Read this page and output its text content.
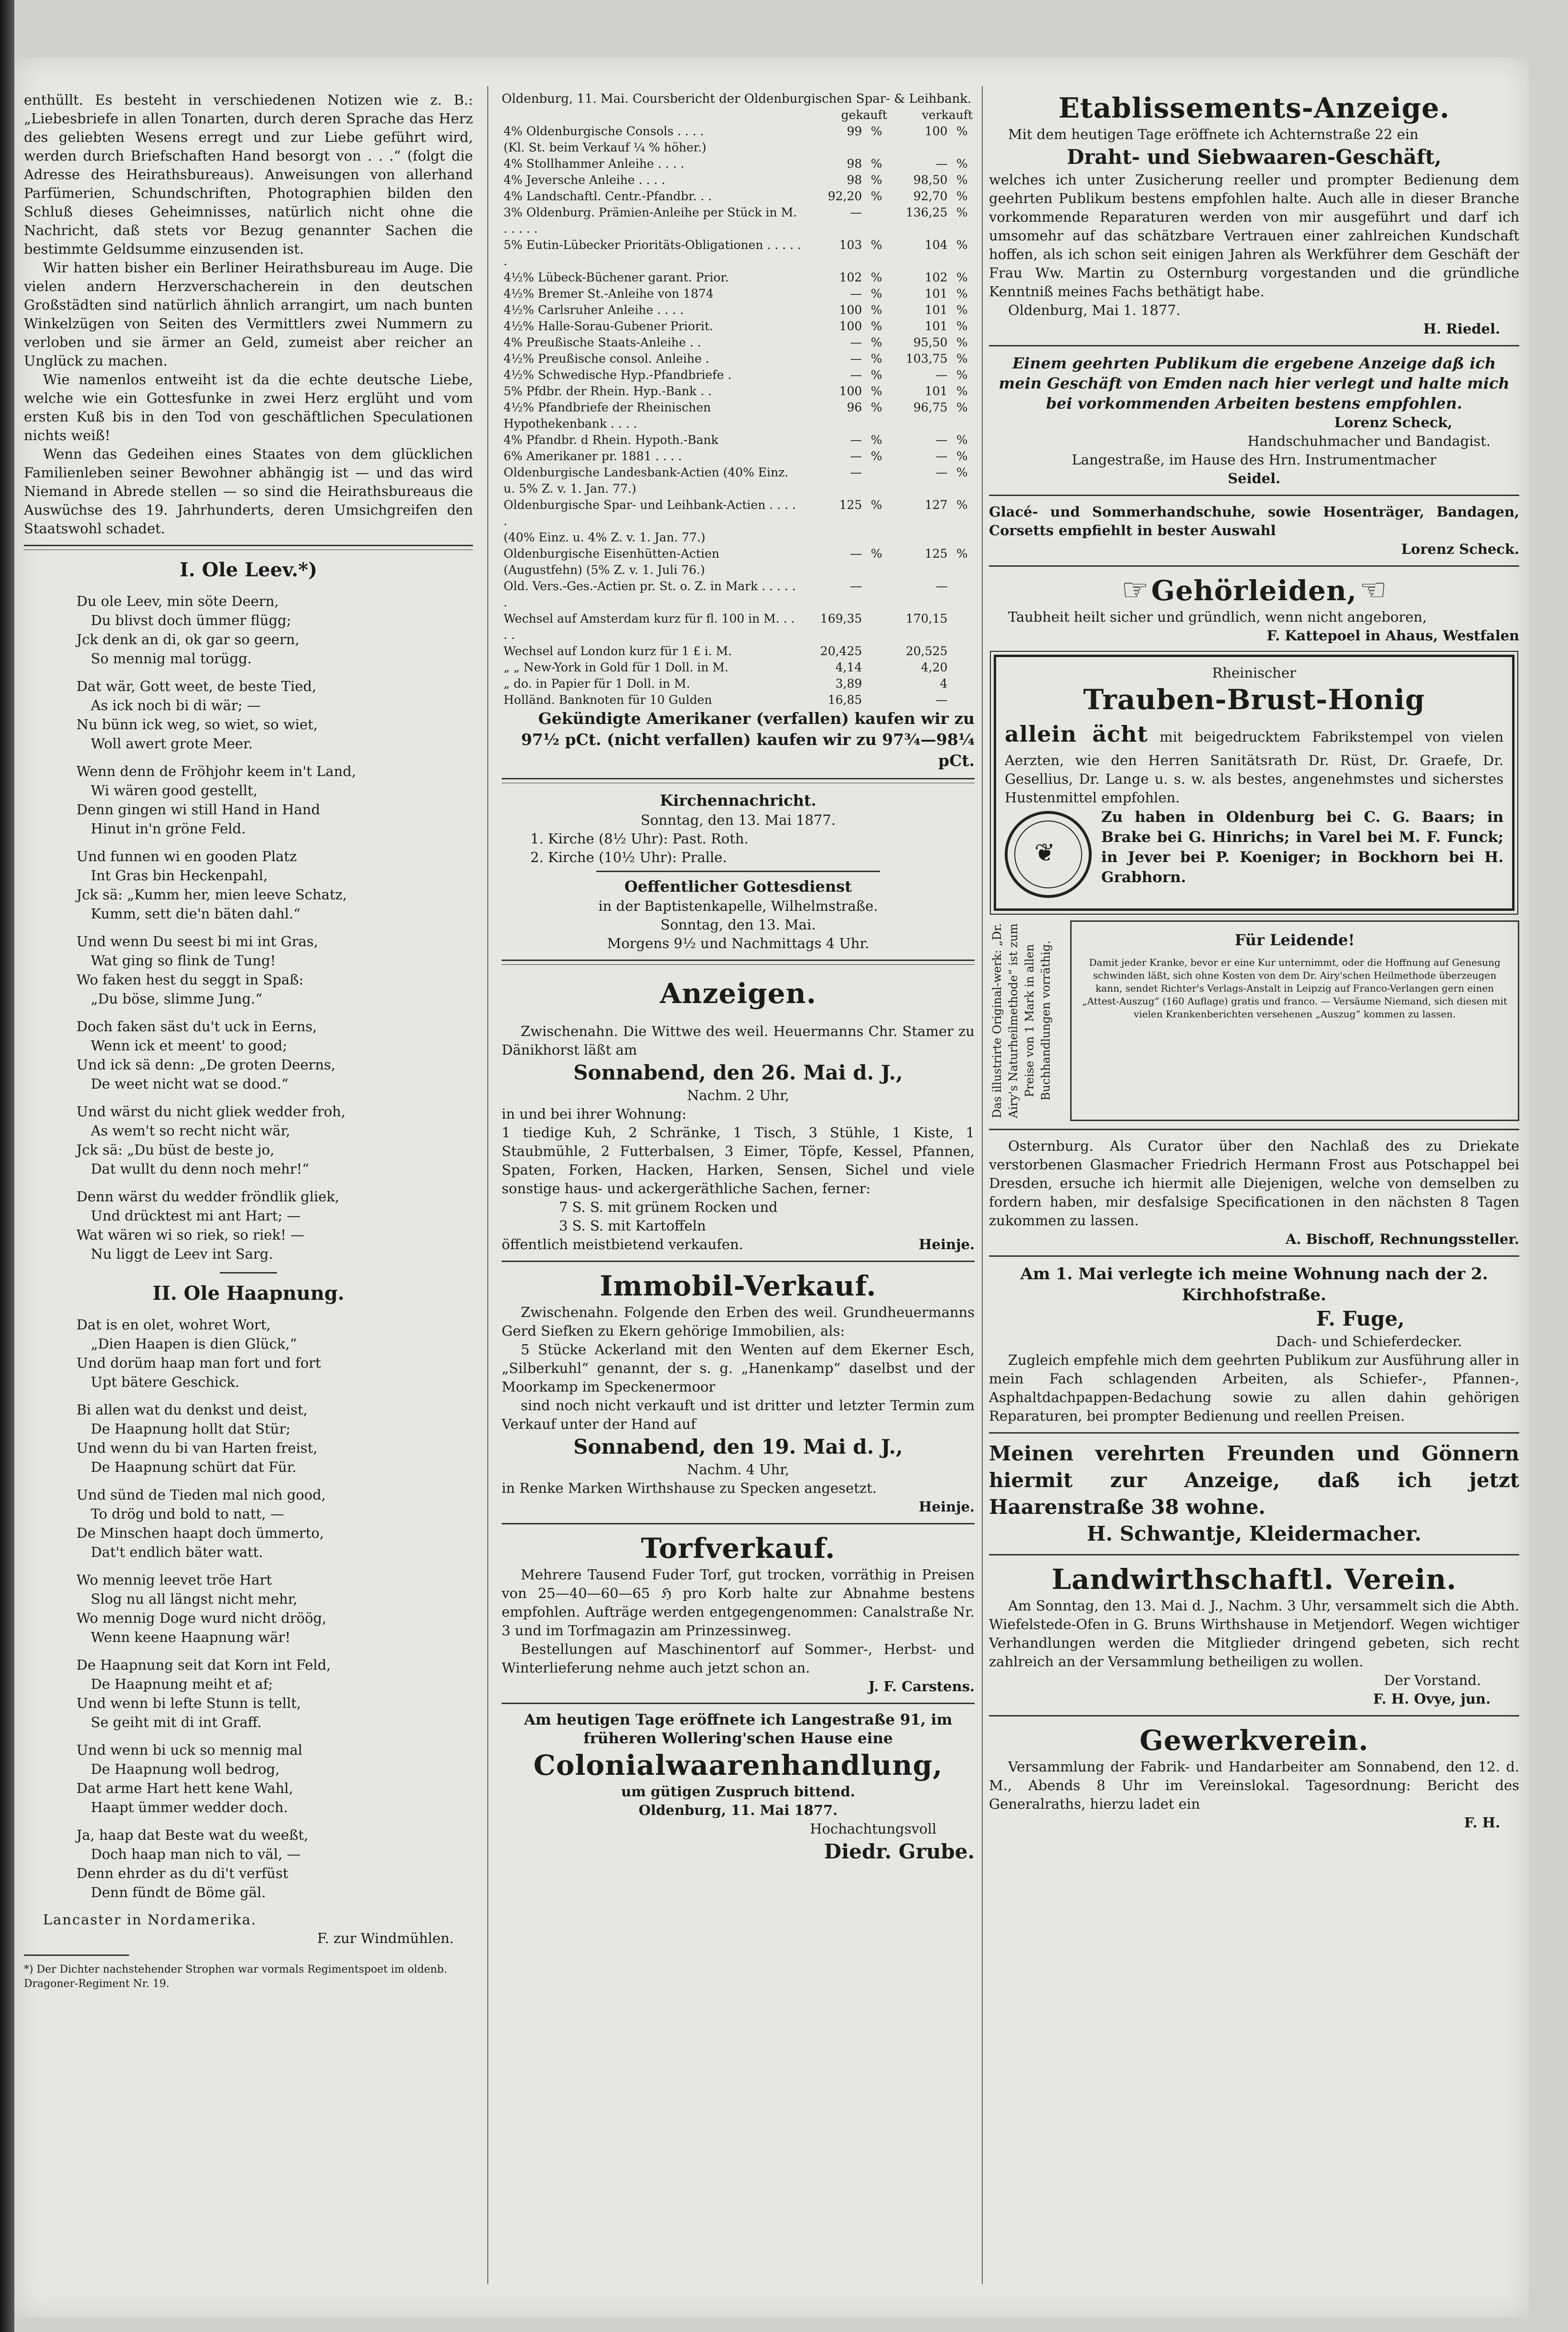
enthüllt. Es besteht in verschiedenen Notizen wie z. B.: „Liebesbriefe in allen Tonarten, durch deren Sprache das Herz des geliebten Wesens erregt und zur Liebe geführt wird, werden durch Briefschaften Hand besorgt von . . .“ (folgt die Adresse des Heirathsbureaus). Anweisungen von allerhand Parfümerien, Schundschriften, Photographien bilden den Schluß dieses Geheimnisses, natürlich nicht ohne die Nachricht, daß stets vor Bezug genannter Sachen die bestimmte Geldsumme einzusenden ist.

Wir hatten bisher ein Berliner Heirathsbureau im Auge. Die vielen andern Herzverschacherein in den deutschen Großstädten sind natürlich ähnlich arrangirt, um nach bunten Winkelzügen von Seiten des Vermittlers zwei Nummern zu verloben und sie ärmer an Geld, zumeist aber reicher an Unglück zu machen.

Wie namenlos entweiht ist da die echte deutsche Liebe, welche wie ein Gottesfunke in zwei Herz erglüht und vom ersten Kuß bis in den Tod von geschäftlichen Speculationen nichts weiß!

Wenn das Gedeihen eines Staates von dem glücklichen Familienleben seiner Bewohner abhängig ist — und das wird Niemand in Abrede stellen — so sind die Heirathsbureaus die Auswüchse des 19. Jahrhunderts, deren Umsichgreifen den Staatswohl schadet.

I. Ole Leev.*)

Du ole Leev, min söte Deern,

Du blivst doch ümmer flügg;

Jck denk an di, ok gar so geern,

So mennig mal torügg.

Dat wär, Gott weet, de beste Tied,

As ick noch bi di wär; —

Nu bünn ick weg, so wiet, so wiet,

Woll awert grote Meer.

Wenn denn de Fröhjohr keem in't Land,

Wi wären good gestellt,

Denn gingen wi still Hand in Hand

Hinut in'n gröne Feld.

Und funnen wi en gooden Platz

Int Gras bin Heckenpahl,

Jck sä: „Kumm her, mien leeve Schatz,

Kumm, sett die'n bäten dahl.“

Und wenn Du seest bi mi int Gras,

Wat ging so flink de Tung!

Wo faken hest du seggt in Spaß:

„Du böse, slimme Jung.“

Doch faken säst du't uck in Eerns,

Wenn ick et meent' to good;

Und ick sä denn: „De groten Deerns,

De weet nicht wat se dood.“

Und wärst du nicht gliek wedder froh,

As wem't so recht nicht wär,

Jck sä: „Du büst de beste jo,

Dat wullt du denn noch mehr!“

Denn wärst du wedder fröndlik gliek,

Und drücktest mi ant Hart; —

Wat wären wi so riek, so riek! —

Nu liggt de Leev int Sarg.

II. Ole Haapnung.

Dat is en olet, wohret Wort,

„Dien Haapen is dien Glück,“

Und dorüm haap man fort und fort

Upt bätere Geschick.

Bi allen wat du denkst und deist,

De Haapnung hollt dat Stür;

Und wenn du bi van Harten freist,

De Haapnung schürt dat Für.

Und sünd de Tieden mal nich good,

To drög und bold to natt, —

De Minschen haapt doch ümmerto,

Dat't endlich bäter watt.

Wo mennig leevet tröe Hart

Slog nu all längst nicht mehr,

Wo mennig Doge wurd nicht dröög,

Wenn keene Haapnung wär!

De Haapnung seit dat Korn int Feld,

De Haapnung meiht et af;

Und wenn bi lefte Stunn is tellt,

Se geiht mit di int Graff.

Und wenn bi uck so mennig mal

De Haapnung woll bedrog,

Dat arme Hart hett kene Wahl,

Haapt ümmer wedder doch.

Ja, haap dat Beste wat du weeßt,

Doch haap man nich to väl, —

Denn ehrder as du di't verfüst

Denn fündt de Böme gäl.

Lancaster in Nordamerika.

F. zur Windmühlen.

*) Der Dichter nachstehender Strophen war vormals Regimentspoet im oldenb. Dragoner-Regiment Nr. 19.

Oldenburg, 11. Mai. Coursbericht der Oldenburgischen Spar- & Leihbank.

	gekauft		verkauft	
4% Oldenburgische Consols . . . .	99	%	100	%
(Kl. St. beim Verkauf ¼ % höher.)				
4% Stollhammer Anleihe . . . .	98	%	—	%
4% Jeversche Anleihe . . . .	98	%	98,50	%
4% Landschaftl. Centr.-Pfandbr. . .	92,20	%	92,70	%
3% Oldenburg. Prämien-Anleihe per Stück in M. . . . . .	—		136,25	%
5% Eutin-Lübecker Prioritäts-Obligationen . . . . . .	103	%	104	%
4½% Lübeck-Büchener garant. Prior.	102	%	102	%
4½% Bremer St.-Anleihe von 1874	—	%	101	%
4½% Carlsruher Anleihe . . . .	100	%	101	%
4½% Halle-Sorau-Gubener Priorit.	100	%	101	%
4% Preußische Staats-Anleihe . .	—	%	95,50	%
4½% Preußische consol. Anleihe .	—	%	103,75	%
4½% Schwedische Hyp.-Pfandbriefe .	—	%	—	%
5% Pfdbr. der Rhein. Hyp.-Bank . .	100	%	101	%
4½% Pfandbriefe der Rheinischen Hypothekenbank . . . .	96	%	96,75	%
4% Pfandbr. d Rhein. Hypoth.-Bank	—	%	—	%
6% Amerikaner pr. 1881 . . . .	—	%	—	%
Oldenburgische Landesbank-Actien (40% Einz. u. 5% Z. v. 1. Jan. 77.)	—		—	%
Oldenburgische Spar- und Leihbank-Actien . . . . .	125	%	127	%
(40% Einz. u. 4% Z. v. 1. Jan. 77.)				
Oldenburgische Eisenhütten-Actien (Augustfehn) (5% Z. v. 1. Juli 76.)	—	%	125	%
Old. Vers.-Ges.-Actien pr. St. o. Z. in Mark . . . . . .	—		—	
Wechsel auf Amsterdam kurz für fl. 100 in M. . . . .	169,35		170,15	
Wechsel auf London kurz für 1 £ i. M.	20,425		20,525	
„ „ New-York in Gold für 1 Doll. in M.	4,14		4,20	
„ do. in Papier für 1 Doll. in M.	3,89		4	
Holländ. Banknoten für 10 Gulden	16,85		—	

Gekündigte Amerikaner (verfallen) kaufen wir zu 97½ pCt. (nicht verfallen) kaufen wir zu 97¾—98¼ pCt.

Kirchennachricht.

Sonntag, den 13. Mai 1877.

1. Kirche (8½ Uhr): Past. Roth.

2. Kirche (10½ Uhr): Pralle.

Oeffentlicher Gottesdienst

in der Baptistenkapelle, Wilhelmstraße.

Sonntag, den 13. Mai.

Morgens 9½ und Nachmittags 4 Uhr.

Anzeigen.

Zwischenahn. Die Wittwe des weil. Heuermanns Chr. Stamer zu Dänikhorst läßt am

Sonnabend, den 26. Mai d. J.,

Nachm. 2 Uhr,

in und bei ihrer Wohnung:

1 tiedige Kuh, 2 Schränke, 1 Tisch, 3 Stühle, 1 Kiste, 1 Staubmühle, 2 Futterbalsen, 3 Eimer, Töpfe, Kessel, Pfannen, Spaten, Forken, Hacken, Harken, Sensen, Sichel und viele sonstige haus- und ackergeräthliche Sachen, ferner:

7 S. S. mit grünem Rocken und

3 S. S. mit Kartoffeln

öffentlich meistbietend verkaufen.	Heinje.

Immobil-Verkauf.

Zwischenahn. Folgende den Erben des weil. Grundheuermanns Gerd Siefken zu Ekern gehörige Immobilien, als:

5 Stücke Ackerland mit den Wenten auf dem Ekerner Esch, „Silberkuhl“ genannt, der s. g. „Hanenkamp“ daselbst und der Moorkamp im Speckenermoor

sind noch nicht verkauft und ist dritter und letzter Termin zum Verkauf unter der Hand auf

Sonnabend, den 19. Mai d. J.,

Nachm. 4 Uhr,

in Renke Marken Wirthshause zu Specken angesetzt.

Heinje.

Torfverkauf.

Mehrere Tausend Fuder Torf, gut trocken, vorräthig in Preisen von 25—40—60—65 ℌ pro Korb halte zur Abnahme bestens empfohlen. Aufträge werden entgegengenommen: Canalstraße Nr. 3 und im Torfmagazin am Prinzessinweg.

Bestellungen auf Maschinentorf auf Sommer-, Herbst- und Winterlieferung nehme auch jetzt schon an.

J. F. Carstens.

Am heutigen Tage eröffnete ich Langestraße 91, im früheren Wollering'schen Hause eine

Colonialwaarenhandlung,

um gütigen Zuspruch bittend.

Oldenburg, 11. Mai 1877.

Hochachtungsvoll

Diedr. Grube.

Etablissements-Anzeige.

Mit dem heutigen Tage eröffnete ich Achternstraße 22 ein

Draht- und Siebwaaren-Geschäft,

welches ich unter Zusicherung reeller und prompter Bedienung dem geehrten Publikum bestens empfohlen halte. Auch alle in dieser Branche vorkommende Reparaturen werden von mir ausgeführt und darf ich umsomehr auf das schätzbare Vertrauen einer zahlreichen Kundschaft hoffen, als ich schon seit einigen Jahren als Werkführer dem Geschäft der Frau Ww. Martin zu Osternburg vorgestanden und die gründliche Kenntniß meines Fachs bethätigt habe.

Oldenburg, Mai 1. 1877.

H. Riedel.

Einem geehrten Publikum die ergebene Anzeige daß ich mein Geschäft von Emden nach hier verlegt und halte mich bei vorkommenden Arbeiten bestens empfohlen.

Lorenz Scheck,

Handschuhmacher und Bandagist.

Langestraße, im Hause des Hrn. Instrumentmacher

Seidel.

Glacé- und Sommerhandschuhe, sowie Hosenträger, Bandagen, Corsetts empfiehlt in bester Auswahl

Lorenz Scheck.

☞ Gehörleiden, ☜

Taubheit heilt sicher und gründlich, wenn nicht angeboren,

F. Kattepoel in Ahaus, Westfalen

Rheinischer

Trauben-Brust-Honig

allein ächt mit beigedrucktem Fabrikstempel von vielen Aerzten, wie den Herren Sanitätsrath Dr. Rüst, Dr. Graefe, Dr. Gesellius, Dr. Lange u. s. w. als bestes, angenehmstes und sicherstes Hustenmittel empfohlen.

❦

Zu haben in Oldenburg bei C. G. Baars; in Brake bei G. Hinrichs; in Varel bei M. F. Funck; in Jever bei P. Koeniger; in Bockhorn bei H. Grabhorn.

Das illustrirte Original-werk: „Dr. Airy's Naturheilmethode“ ist zum Preise von 1 Mark in allen Buchhandlungen vorräthig.

Für Leidende!

Damit jeder Kranke, bevor er eine Kur unternimmt, oder die Hoffnung auf Genesung schwinden läßt, sich ohne Kosten von dem Dr. Airy'schen Heilmethode überzeugen kann, sendet Richter's Verlags-Anstalt in Leipzig auf Franco-Verlangen gern einen „Attest-Auszug“ (160 Auflage) gratis und franco. — Versäume Niemand, sich diesen mit vielen Krankenberichten versehenen „Auszug“ kommen zu lassen.

Osternburg. Als Curator über den Nachlaß des zu Driekate verstorbenen Glasmacher Friedrich Hermann Frost aus Potschappel bei Dresden, ersuche ich hiermit alle Diejenigen, welche von demselben zu fordern haben, mir desfalsige Specificationen in den nächsten 8 Tagen zukommen zu lassen.

A. Bischoff, Rechnungssteller.

Am 1. Mai verlegte ich meine Wohnung nach der 2. Kirchhofstraße.

F. Fuge,

Dach- und Schieferdecker.

Zugleich empfehle mich dem geehrten Publikum zur Ausführung aller in mein Fach schlagenden Arbeiten, als Schiefer-, Pfannen-, Asphaltdachpappen-Bedachung sowie zu allen dahin gehörigen Reparaturen, bei prompter Bedienung und reellen Preisen.

Meinen verehrten Freunden und Gönnern hiermit zur Anzeige, daß ich jetzt Haarenstraße 38 wohne.

H. Schwantje, Kleidermacher.

Landwirthschaftl. Verein.

Am Sonntag, den 13. Mai d. J., Nachm. 3 Uhr, versammelt sich die Abth. Wiefelstede-Ofen in G. Bruns Wirthshause in Metjendorf. Wegen wichtiger Verhandlungen werden die Mitglieder dringend gebeten, sich recht zahlreich an der Versammlung betheiligen zu wollen.

Der Vorstand.

F. H. Ovye, jun.

Gewerkverein.

Versammlung der Fabrik- und Handarbeiter am Sonnabend, den 12. d. M., Abends 8 Uhr im Vereinslokal. Tagesordnung: Bericht des Generalraths, hierzu ladet ein

F. H.
